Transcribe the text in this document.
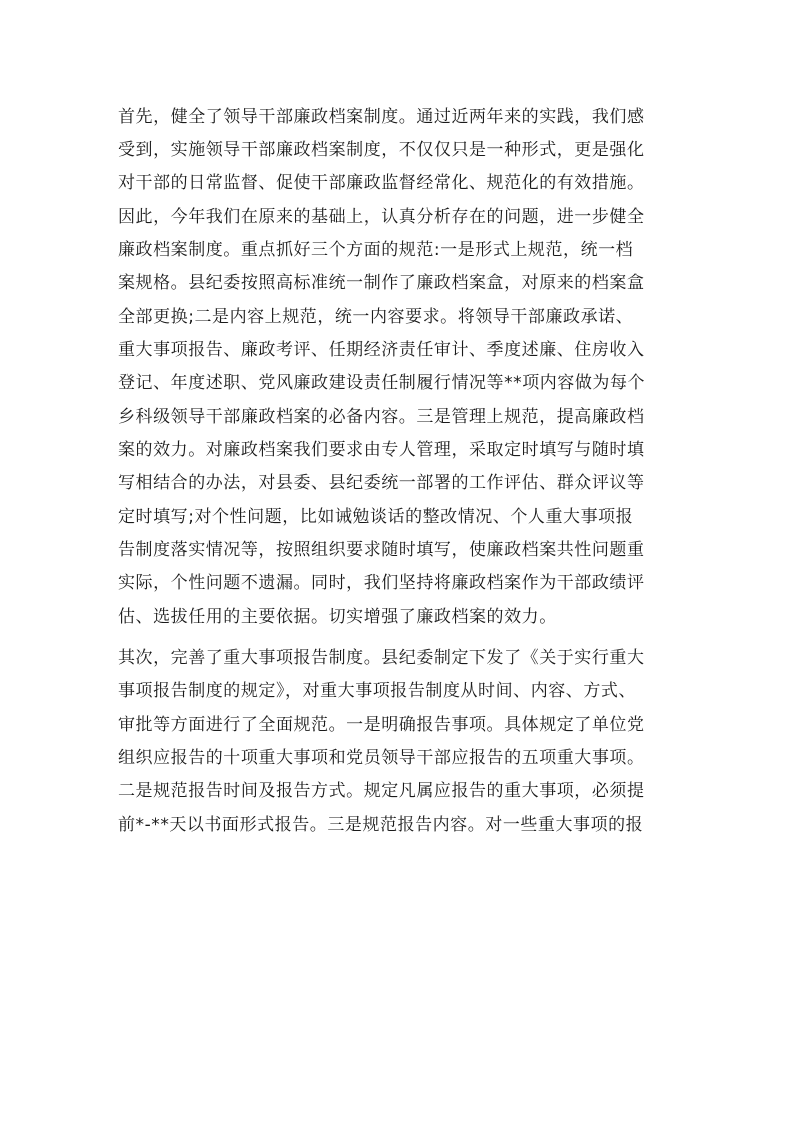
首先，健全了领导干部廉政档案制度。通过近两年来的实践，我们感
受到，实施领导干部廉政档案制度，不仅仅只是一种形式，更是强化
对干部的日常监督、促使干部廉政监督经常化、规范化的有效措施。
因此，今年我们在原来的基础上，认真分析存在的问题，进一步健全
廉政档案制度。重点抓好三个方面的规范:一是形式上规范，统一档
案规格。县纪委按照高标准统一制作了廉政档案盒，对原来的档案盒
全部更换;二是内容上规范，统一内容要求。将领导干部廉政承诺、
重大事项报告、廉政考评、任期经济责任审计、季度述廉、住房收入
登记、年度述职、党风廉政建设责任制履行情况等**项内容做为每个
乡科级领导干部廉政档案的必备内容。三是管理上规范，提高廉政档
案的效力。对廉政档案我们要求由专人管理，采取定时填写与随时填
写相结合的办法，对县委、县纪委统一部署的工作评估、群众评议等
定时填写;对个性问题，比如诫勉谈话的整改情况、个人重大事项报
告制度落实情况等，按照组织要求随时填写，使廉政档案共性问题重
实际，个性问题不遗漏。同时，我们坚持将廉政档案作为干部政绩评
估、选拔任用的主要依据。切实增强了廉政档案的效力。
其次，完善了重大事项报告制度。县纪委制定下发了《关于实行重大
事项报告制度的规定》，对重大事项报告制度从时间、内容、方式、
审批等方面进行了全面规范。一是明确报告事项。具体规定了单位党
组织应报告的十项重大事项和党员领导干部应报告的五项重大事项。
二是规范报告时间及报告方式。规定凡属应报告的重大事项，必须提
前*-**天以书面形式报告。三是规范报告内容。对一些重大事项的报
